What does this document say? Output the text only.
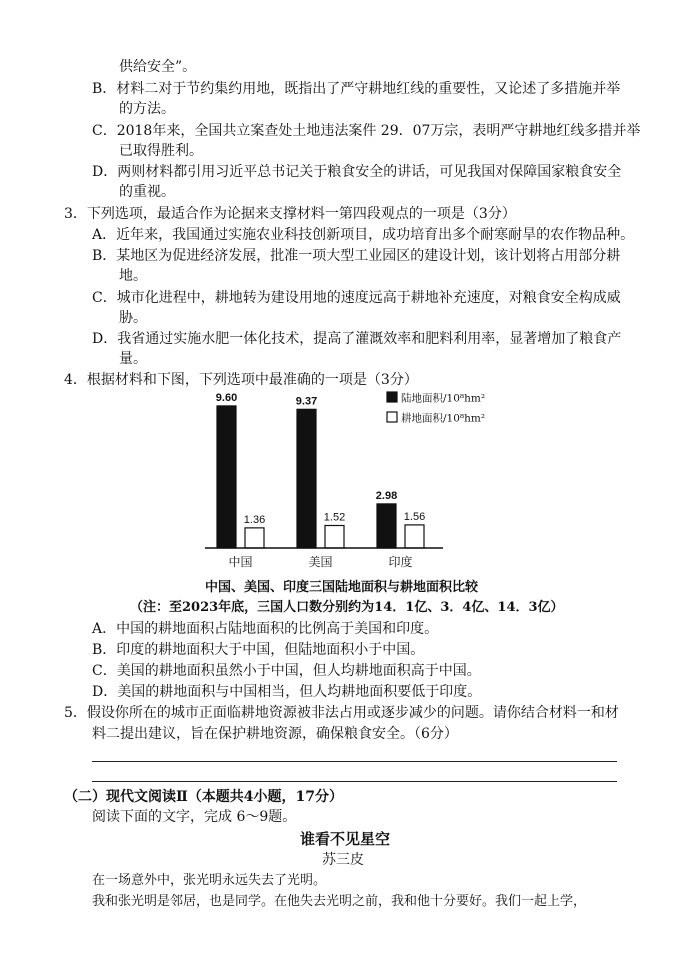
供给安全”。
B．材料二对于节约集约用地，既指出了严守耕地红线的重要性，又论述了多措施并举
的方法。
C．2018年来，全国共立案查处土地违法案件 29．07万宗，表明严守耕地红线多措并举
已取得胜利。
D．两则材料都引用习近平总书记关于粮食安全的讲话，可见我国对保障国家粮食安全
的重视。
3．下列选项，最适合作为论据来支撑材料一第四段观点的一项是（3分）
A．近年来，我国通过实施农业科技创新项目，成功培育出多个耐寒耐旱的农作物品种。
B．某地区为促进经济发展，批准一项大型工业园区的建设计划，该计划将占用部分耕
地。
C．城市化进程中，耕地转为建设用地的速度远高于耕地补充速度，对粮食安全构成威
胁。
D．我省通过实施水肥一体化技术，提高了灌溉效率和肥料利用率，显著增加了粮食产
量。
4．根据材料和下图，下列选项中最准确的一项是（3分）
9.60
1.36
中国
9.37
1.52
美国
2.98
1.56
印度
陆地面积/10⁸hm²
耕地面积/10⁸hm²
中国、美国、印度三国陆地面积与耕地面积比较
（注：至2023年底，三国人口数分别约为14．1亿、3．4亿、14．3亿）
A．中国的耕地面积占陆地面积的比例高于美国和印度。
B．印度的耕地面积大于中国，但陆地面积小于中国。
C．美国的耕地面积虽然小于中国，但人均耕地面积高于中国。
D．美国的耕地面积与中国相当，但人均耕地面积要低于印度。
5．假设你所在的城市正面临耕地资源被非法占用或逐步减少的问题。请你结合材料一和材
料二提出建议，旨在保护耕地资源，确保粮食安全。（6分）
（二）现代文阅读Ⅱ（本题共4小题，17分）
阅读下面的文字，完成 6～9题。
谁看不见星空
苏三皮
在一场意外中，张光明永远失去了光明。
我和张光明是邻居，也是同学。在他失去光明之前，我和他十分要好。我们一起上学，
